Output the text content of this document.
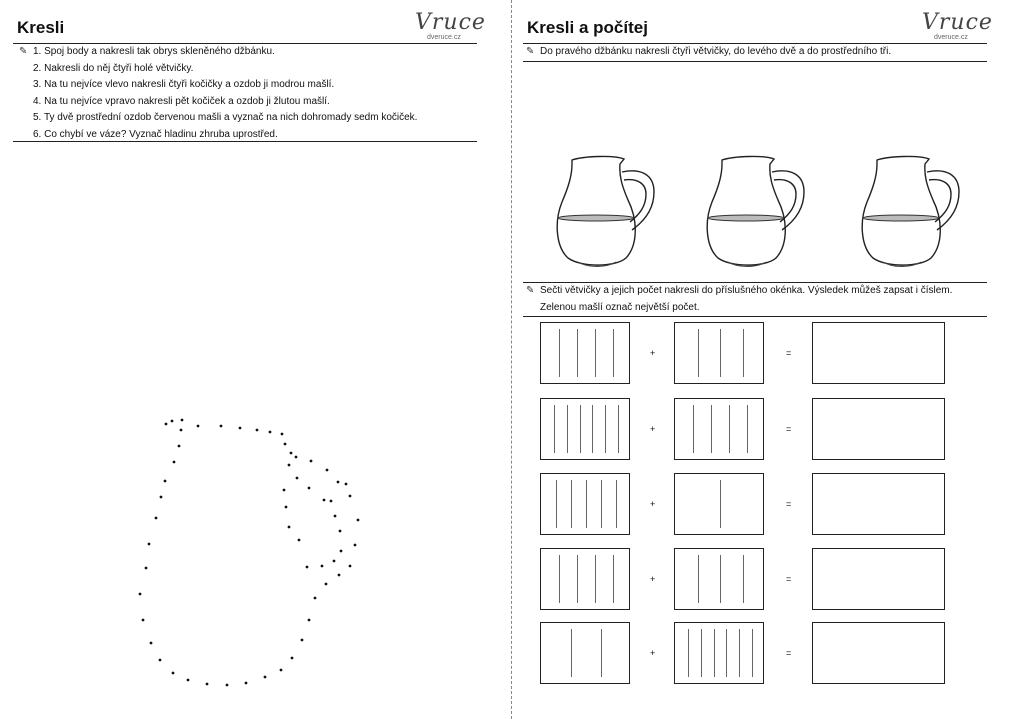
Kresli	Vruce
dveruce.cz
✎ 1. Spoj body a nakresli tak obrys skleněného džbánku.
2. Nakresli do něj čtyři holé větvičky.
3. Na tu nejvíce vlevo nakresli čtyři kočičky a ozdob ji modrou mašlí.
4. Na tu nejvíce vpravo nakresli pět kočiček a ozdob ji žlutou mašlí.
5. Ty dvě prostřední ozdob červenou mašli a vyznač na nich dohromady sedm kočiček.
6. Co chybí ve váze? Vyznač hladinu zhruba uprostřed.
Kresli a počítej	Vruce
dveruce.cz
✎ Do pravého džbánku nakresli čtyři větvičky, do levého dvě a do prostředního tři.
✎ Sečti větvičky a jejich počet nakresli do příslušného okénka. Výsledek můžeš zapsat i číslem.
Zelenou mašlí označ největší počet.
+	=
+	=
+	=
+	=
+	=
